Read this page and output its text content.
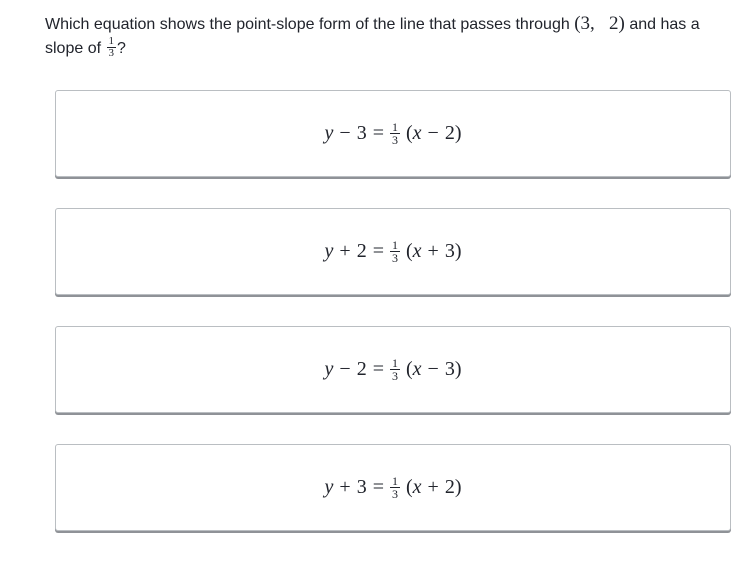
Which equation shows the point-slope form of the line that passes through (3,  2) and has a slope of $\frac{1}{3}$ ?
$y - 3 = \frac{1}{3}$ ( x − 2 )
$y + 2 = \frac{1}{3}$ ( x + 3 )
$y - 2 = \frac{1}{3}$ ( x − 3 )
$y + 3 = \frac{1}{3}$ ( x + 2 )
